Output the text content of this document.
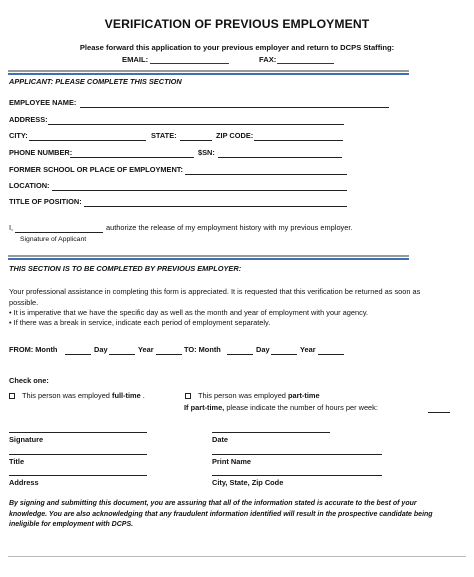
VERIFICATION OF PREVIOUS EMPLOYMENT
Please forward this application to your previous employer and return to DCPS Staffing:
EMAIL:	FAX:
APPLICANT: PLEASE COMPLETE THIS SECTION
EMPLOYEE NAME:
ADDRESS:
CITY:	STATE:	ZIP CODE:
PHONE NUMBER:	$SN:
FORMER SCHOOL OR PLACE OF EMPLOYMENT:
LOCATION:
TITLE OF POSITION:
I,	authorize the release of my employment history with my previous employer.
Signature of Applicant
THIS SECTION IS TO BE COMPLETED BY PREVIOUS EMPLOYER:
Your professional assistance in completing this form is appreciated. It is requested that this verification be returned as soon as possible.
• It is imperative that we have the specific day as well as the month and year of employment with your agency.
• If there was a break in service, indicate each period of employment separately.
FROM: Month	Day	Year	TO: Month	Day	Year
Check one:
This person was employed full-time .	This person was employed part-time
If part-time, please indicate the number of hours per week:
Signature	Date
Title	Print Name
Address	City, State, Zip Code
By signing and submitting this document, you are assuring that all of the information stated is accurate to the best of your knowledge. You are also acknowledging that any fraudulent information identified will result in the prospective candidate being ineligible for employment with DCPS.
